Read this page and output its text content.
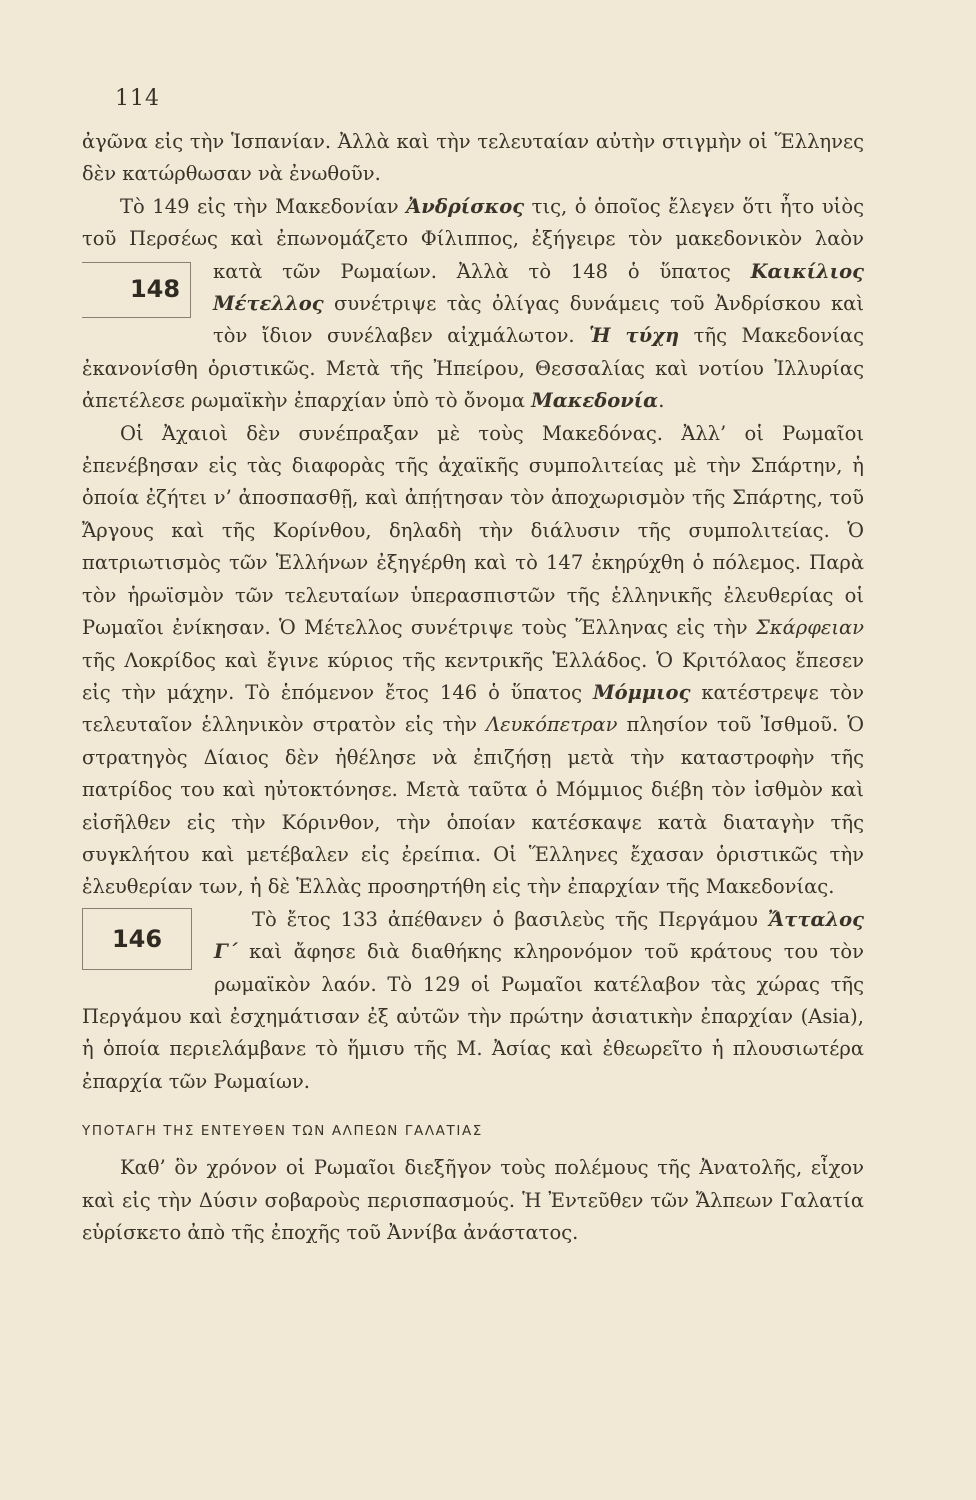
114

ἀγῶνα εἰς τὴν Ἱσπανίαν. Ἀλλὰ καὶ τὴν τελευταίαν αὐτὴν στιγμὴν οἱ Ἕλληνες δὲν κατώρθωσαν νὰ ἐνωθοῦν.

Τὸ 149 εἰς τὴν Μακεδονίαν Ἀνδρίσκος τις, ὁ ὁποῖος ἔλεγεν ὅτι ἦτο υἱὸς τοῦ Περσέως καὶ ἐπωνομάζετο Φίλιππος, ἐξήγειρε τὸν μακεδονικὸν λαὸν κατὰ τῶν Ρωμαίων. Ἀλλὰ τὸ 148 ὁ ὕπατος
148
Καικίλιος Μέτελλος συνέτριψε τὰς ὀλίγας δυνάμεις τοῦ Ἀνδρίσκου καὶ τὸν ἴδιον συνέλαβεν αἰχμάλωτον. Ἡ τύχη τῆς Μακεδονίας ἐκανονίσθη ὁριστικῶς. Μετὰ τῆς Ἠπείρου, Θεσσαλίας καὶ νοτίου Ἰλλυρίας ἀπετέλεσε ρωμαϊκὴν ἐπαρχίαν ὑπὸ τὸ ὄνομα Μακεδονία.

Οἱ Ἀχαιοὶ δὲν συνέπραξαν μὲ τοὺς Μακεδόνας. Ἀλλ’ οἱ Ρωμαῖοι ἐπενέβησαν εἰς τὰς διαφορὰς τῆς ἀχαϊκῆς συμπολιτείας μὲ τὴν Σπάρτην, ἡ ὁποία ἐζήτει ν’ ἀποσπασθῇ, καὶ ἀπῄτησαν τὸν ἀποχωρισμὸν τῆς Σπάρτης, τοῦ Ἄργους καὶ τῆς Κορίνθου, δηλαδὴ τὴν διάλυσιν τῆς συμπολιτείας. Ὁ πατριωτισμὸς τῶν Ἑλλήνων ἐξηγέρθη καὶ τὸ 147 ἐκηρύχθη ὁ πόλεμος. Παρὰ τὸν ἡρωϊσμὸν τῶν τελευταίων ὑπερασπιστῶν τῆς ἑλληνικῆς ἐλευθερίας οἱ Ρωμαῖοι ἐνίκησαν. Ὁ Μέτελλος συνέτριψε τοὺς Ἕλληνας εἰς τὴν Σκάρφειαν τῆς Λοκρίδος καὶ ἔγινε κύριος τῆς κεντρικῆς Ἑλλάδος. Ὁ Κριτόλαος ἔπεσεν εἰς τὴν μάχην. Τὸ ἑπόμενον ἔτος 146 ὁ ὕπατος Μόμμιος κατέστρεψε τὸν τελευταῖον ἑλληνικὸν στρατὸν εἰς τὴν Λευκόπετραν πλησίον τοῦ Ἰσθμοῦ. Ὁ στρατηγὸς Δίαιος δὲν ἠθέλησε νὰ ἐπιζήσῃ μετὰ τὴν καταστροφὴν τῆς πατρίδος του καὶ ηὐτοκτόνησε. Μετὰ ταῦτα ὁ Μόμμιος διέβη τὸν ἰσθμὸν καὶ εἰσῆλθεν εἰς τὴν Κόρινθον, τὴν ὁποίαν κατέσκαψε κατὰ διαταγὴν τῆς συγκλήτου καὶ μετέβαλεν εἰς ἐρείπια. Οἱ Ἕλληνες ἔχασαν ὁριστικῶς τὴν ἐλευθερίαν των, ἡ δὲ Ἑλλὰς προσηρτήθη εἰς τὴν ἐπαρχίαν τῆς Μακεδονίας.

146

Τὸ ἔτος 133 ἀπέθανεν ὁ βασιλεὺς τῆς Περγάμου Ἄτταλος Γ΄ καὶ ἄφησε διὰ διαθήκης κληρονόμον τοῦ κράτους του τὸν ρωμαϊκὸν λαόν. Τὸ 129 οἱ Ρωμαῖοι κατέλαβον τὰς χώρας τῆς Περγάμου καὶ ἐσχημάτισαν ἐξ αὐτῶν τὴν πρώτην ἀσιατικὴν ἐπαρχίαν (Asia), ἡ ὁποία περιελάμβανε τὸ ἥμισυ τῆς Μ. Ἀσίας καὶ ἐθεωρεῖτο ἡ πλουσιωτέρα ἐπαρχία τῶν Ρωμαίων.

ΥΠΟΤΑΓΗ ΤΗΣ ΕΝΤΕΥΘΕΝ ΤΩΝ ΑΛΠΕΩΝ ΓΑΛΑΤΙΑΣ

Καθ’ ὃν χρόνον οἱ Ρωμαῖοι διεξῆγον τοὺς πολέμους τῆς Ἀνατολῆς, εἶχον καὶ εἰς τὴν Δύσιν σοβαροὺς περισπασμούς. Ἡ Ἐντεῦθεν τῶν Ἄλπεων Γαλατία εὑρίσκετο ἀπὸ τῆς ἐποχῆς τοῦ Ἀννίβα ἀνάστατος.
